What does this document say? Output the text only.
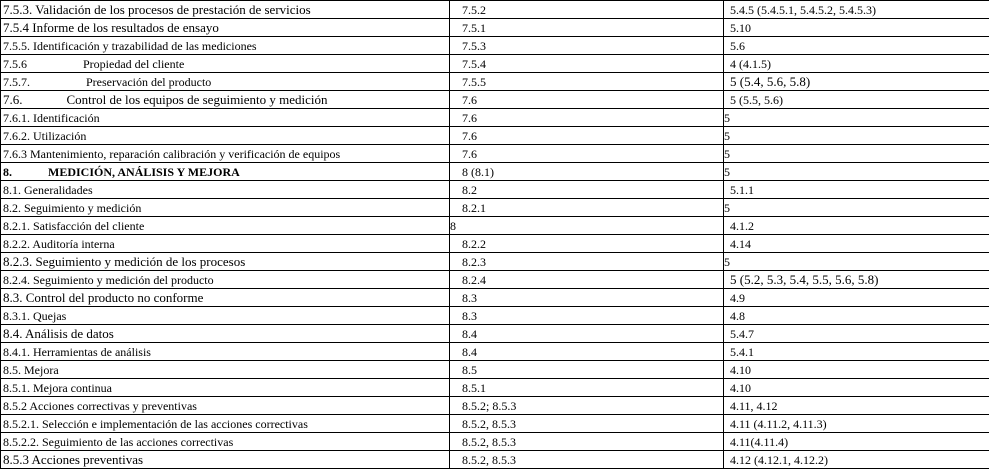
7.5.3. Validación de los procesos de prestación de servicios	7.5.2	5.4.5 (5.4.5.1, 5.4.5.2, 5.4.5.3)
7.5.4 Informe de los resultados de ensayo	7.5.1	5.10
7.5.5. Identificación y trazabilidad de las mediciones	7.5.3	5.6
7.5.6 Propiedad del cliente	7.5.4	4 (4.1.5)
7.5.7. Preservación del producto	7.5.5	5 (5.4, 5.6, 5.8)
7.6. Control de los equipos de seguimiento y medición	7.6	5 (5.5, 5.6)
7.6.1. Identificación	7.6	5
7.6.2. Utilización	7.6	5
7.6.3 Mantenimiento, reparación calibración y verificación de equipos	7.6	5
8. MEDICIÓN, ANÁLISIS Y MEJORA	8 (8.1)	5
8.1. Generalidades	8.2	5.1.1
8.2. Seguimiento y medición	8.2.1	5
8.2.1. Satisfacción del cliente	8	4.1.2
8.2.2. Auditoría interna	8.2.2	4.14
8.2.3. Seguimiento y medición de los procesos	8.2.3	5
8.2.4. Seguimiento y medición del producto	8.2.4	5 (5.2, 5.3, 5.4, 5.5, 5.6, 5.8)
8.3. Control del producto no conforme	8.3	4.9
8.3.1. Quejas	8.3	4.8
8.4. Análisis de datos	8.4	5.4.7
8.4.1. Herramientas de análisis	8.4	5.4.1
8.5. Mejora	8.5	4.10
8.5.1. Mejora continua	8.5.1	4.10
8.5.2 Acciones correctivas y preventivas	8.5.2; 8.5.3	4.11, 4.12
8.5.2.1. Selección e implementación de las acciones correctivas	8.5.2, 8.5.3	4.11 (4.11.2, 4.11.3)
8.5.2.2. Seguimiento de las acciones correctivas	8.5.2, 8.5.3	4.11(4.11.4)
8.5.3 Acciones preventivas	8.5.2, 8.5.3	4.12 (4.12.1, 4.12.2)
